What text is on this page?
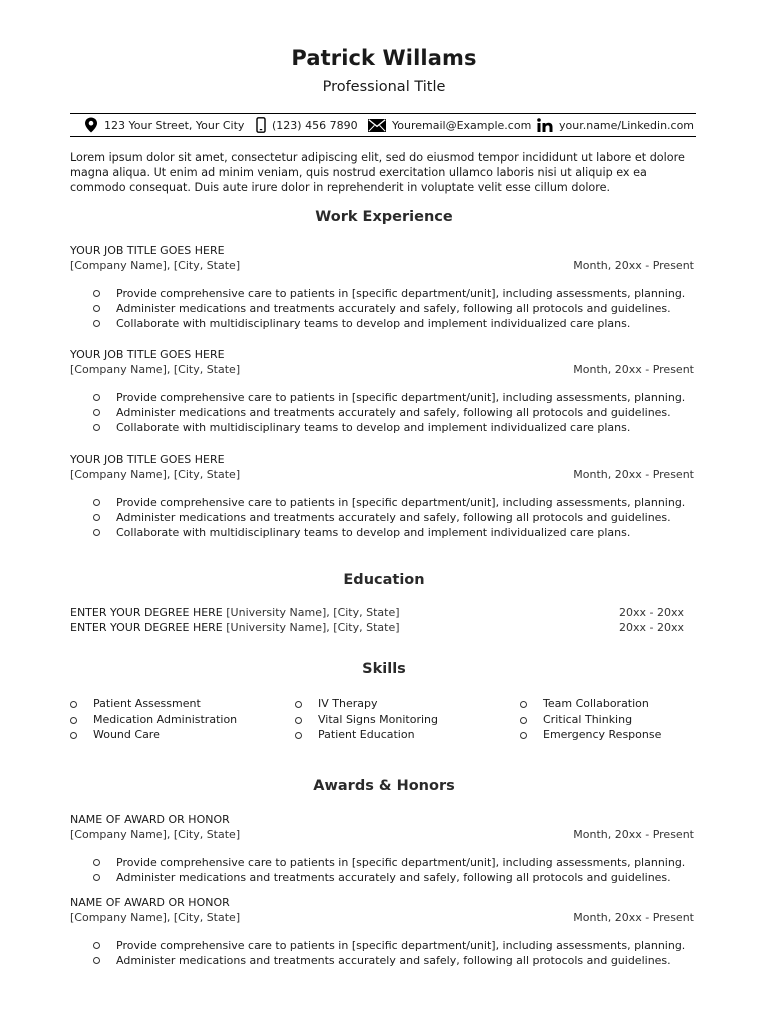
Patrick Willams
Professional Title
123 Your Street, Your City	(123) 456 7890	Youremail@Example.com	your.name/Linkedin.com
Lorem ipsum dolor sit amet, consectetur adipiscing elit, sed do eiusmod tempor incididunt ut labore et dolore magna aliqua. Ut enim ad minim veniam, quis nostrud exercitation ullamco laboris nisi ut aliquip ex ea commodo consequat. Duis aute irure dolor in reprehenderit in voluptate velit esse cillum dolore.
Work Experience
YOUR JOB TITLE GOES HERE
[Company Name], [City, State]	Month, 20xx - Present
Provide comprehensive care to patients in [specific department/unit], including assessments, planning.
Administer medications and treatments accurately and safely, following all protocols and guidelines.
Collaborate with multidisciplinary teams to develop and implement individualized care plans.
YOUR JOB TITLE GOES HERE
[Company Name], [City, State]	Month, 20xx - Present
Provide comprehensive care to patients in [specific department/unit], including assessments, planning.
Administer medications and treatments accurately and safely, following all protocols and guidelines.
Collaborate with multidisciplinary teams to develop and implement individualized care plans.
YOUR JOB TITLE GOES HERE
[Company Name], [City, State]	Month, 20xx - Present
Provide comprehensive care to patients in [specific department/unit], including assessments, planning.
Administer medications and treatments accurately and safely, following all protocols and guidelines.
Collaborate with multidisciplinary teams to develop and implement individualized care plans.
Education
ENTER YOUR DEGREE HERE [University Name], [City, State]	20xx - 20xx
ENTER YOUR DEGREE HERE [University Name], [City, State]	20xx - 20xx
Skills
Patient Assessment
Medication Administration
Wound Care
IV Therapy
Vital Signs Monitoring
Patient Education
Team Collaboration
Critical Thinking
Emergency Response
Awards & Honors
NAME OF AWARD OR HONOR
[Company Name], [City, State]	Month, 20xx - Present
Provide comprehensive care to patients in [specific department/unit], including assessments, planning.
Administer medications and treatments accurately and safely, following all protocols and guidelines.
NAME OF AWARD OR HONOR
[Company Name], [City, State]	Month, 20xx - Present
Provide comprehensive care to patients in [specific department/unit], including assessments, planning.
Administer medications and treatments accurately and safely, following all protocols and guidelines.
